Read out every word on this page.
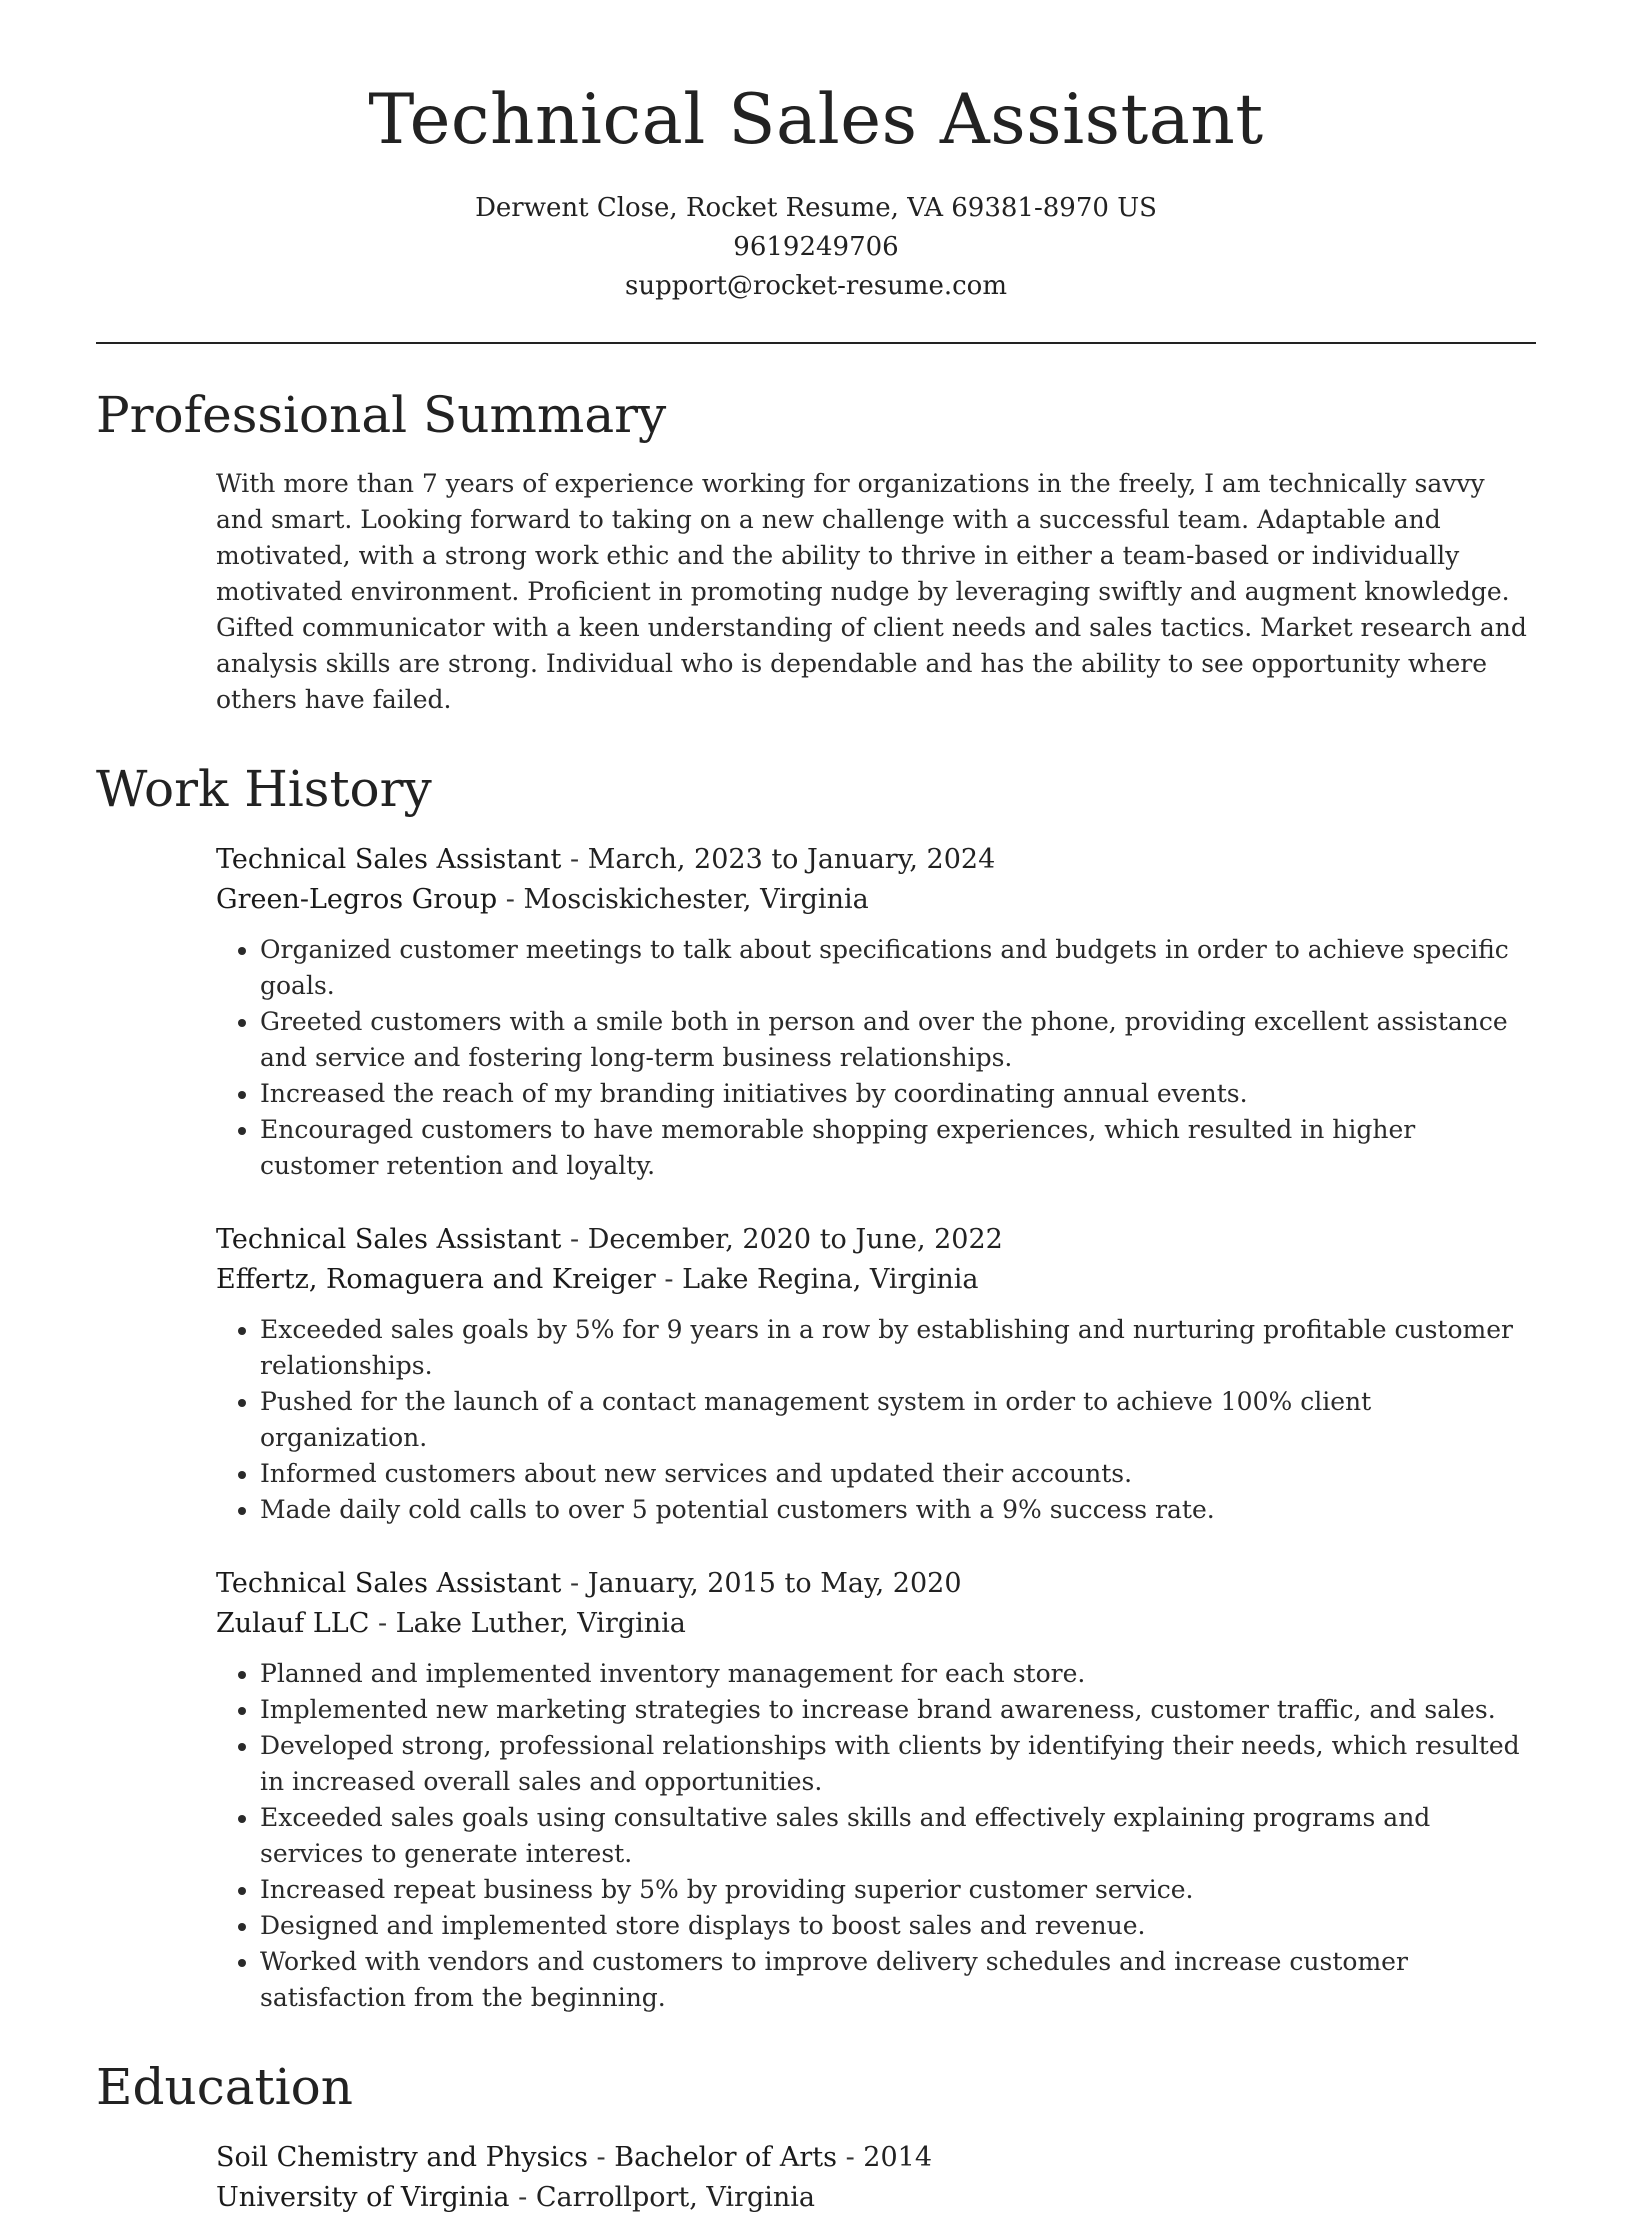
Technical Sales Assistant

Derwent Close, Rocket Resume, VA 69381-8970 US

9619249706

support@rocket-resume.com

Professional Summary

With more than 7 years of experience working for organizations in the freely, I am technically savvy and smart. Looking forward to taking on a new challenge with a successful team. Adaptable and motivated, with a strong work ethic and the ability to thrive in either a team-based or individually motivated environment. Proficient in promoting nudge by leveraging swiftly and augment knowledge. Gifted communicator with a keen understanding of client needs and sales tactics. Market research and analysis skills are strong. Individual who is dependable and has the ability to see opportunity where others have failed.

Work History

Technical Sales Assistant - March, 2023 to January, 2024

Green-Legros Group - Mosciskichester, Virginia

• Organized customer meetings to talk about specifications and budgets in order to achieve specific goals.
• Greeted customers with a smile both in person and over the phone, providing excellent assistance and service and fostering long-term business relationships.
• Increased the reach of my branding initiatives by coordinating annual events.
• Encouraged customers to have memorable shopping experiences, which resulted in higher customer retention and loyalty.

Technical Sales Assistant - December, 2020 to June, 2022

Effertz, Romaguera and Kreiger - Lake Regina, Virginia

• Exceeded sales goals by 5% for 9 years in a row by establishing and nurturing profitable customer relationships.
• Pushed for the launch of a contact management system in order to achieve 100% client organization.
• Informed customers about new services and updated their accounts.
• Made daily cold calls to over 5 potential customers with a 9% success rate.

Technical Sales Assistant - January, 2015 to May, 2020

Zulauf LLC - Lake Luther, Virginia

• Planned and implemented inventory management for each store.
• Implemented new marketing strategies to increase brand awareness, customer traffic, and sales.
• Developed strong, professional relationships with clients by identifying their needs, which resulted in increased overall sales and opportunities.
• Exceeded sales goals using consultative sales skills and effectively explaining programs and services to generate interest.
• Increased repeat business by 5% by providing superior customer service.
• Designed and implemented store displays to boost sales and revenue.
• Worked with vendors and customers to improve delivery schedules and increase customer satisfaction from the beginning.
Education

Soil Chemistry and Physics - Bachelor of Arts - 2014

University of Virginia - Carrollport, Virginia
